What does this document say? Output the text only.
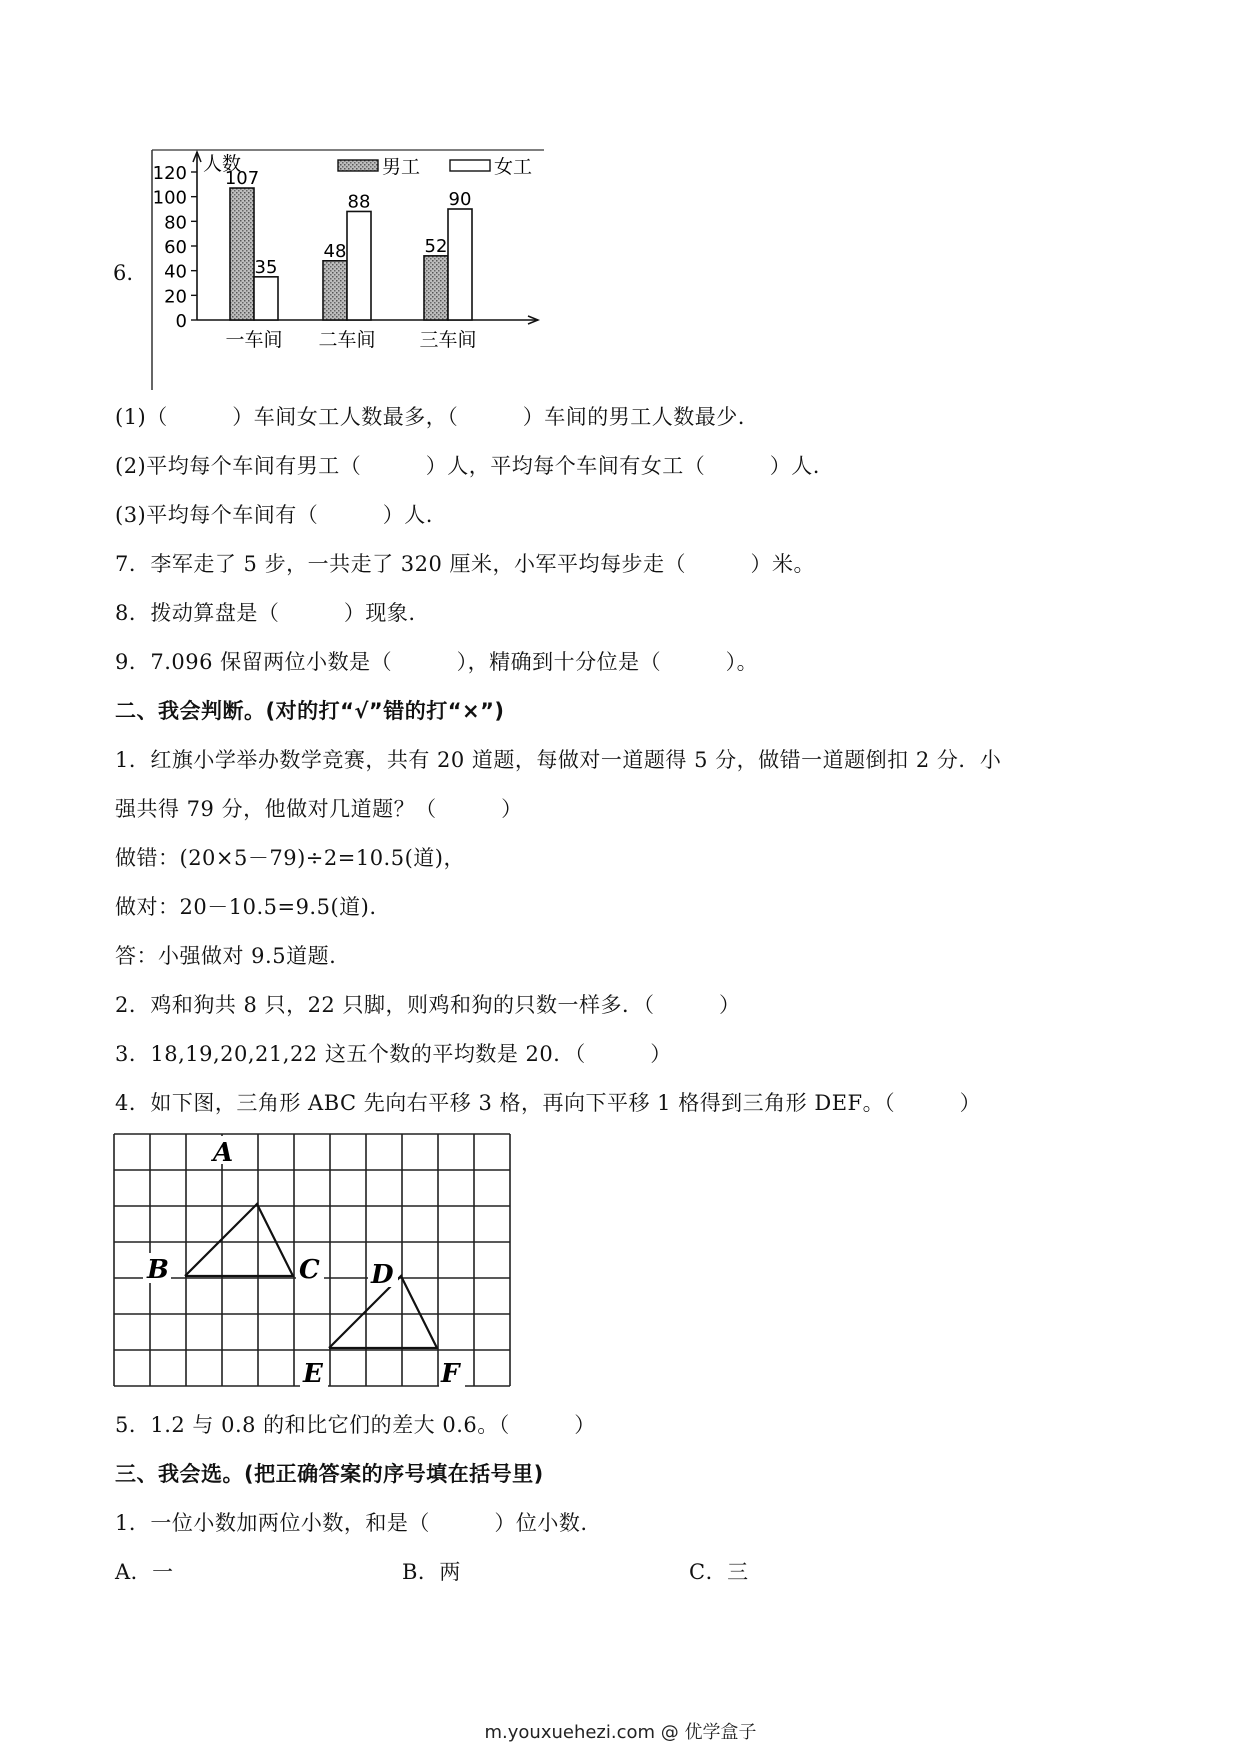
6.
人数
0
20
40
60
80
100
120 107
35
一车间
48
88
二车间
52
90
三车间
男工	女工
(1)（　　　）车间女工人数最多，（　　　）车间的男工人数最少.
(2)平均每个车间有男工（　　　）人，平均每个车间有女工（　　　）人.
(3)平均每个车间有（　　　）人.
7．李军走了 5 步，一共走了 320 厘米，小军平均每步走（　　　）米。
8．拨动算盘是（　　　）现象.
9．7.096 保留两位小数是（　　　），精确到十分位是（　　　）。
二、我会判断。(对的打“√”错的打“×”)
1．红旗小学举办数学竞赛，共有 20 道题，每做对一道题得 5 分，做错一道题倒扣 2 分．小
强共得 79 分，他做对几道题？（　　　）
做错：(20×5－79)÷2=10.5(道)，
做对：20－10.5=9.5(道).
答：小强做对 9.5道题.
2．鸡和狗共 8 只，22 只脚，则鸡和狗的只数一样多．（　　　）
3．18,19,20,21,22 这五个数的平均数是 20．（　　　）
4．如下图，三角形 ABC 先向右平移 3 格，再向下平移 1 格得到三角形 DEF。（　　　）
A
B	C D
E	F
5．1.2 与 0.8 的和比它们的差大 0.6。（　　　）
三、我会选。(把正确答案的序号填在括号里)
1．一位小数加两位小数，和是（　　　）位小数.
A．一	B．两	C．三
m.youxuehezi.com @ 优学盒子
